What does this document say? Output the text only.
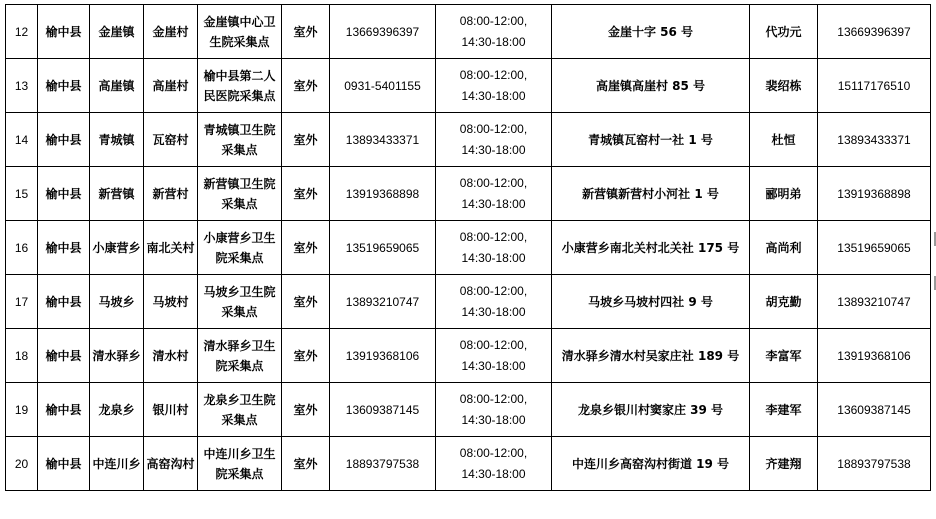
12	榆中县	金崖镇	金崖村	金崖镇中心卫生院采集点	室外	13669396397	08:00-12:00,
14:30-18:00	金崖十字 56 号	代功元	13669396397
13	榆中县	高崖镇	高崖村	榆中县第二人民医院采集点	室外	0931-5401155	08:00-12:00,
14:30-18:00	高崖镇高崖村 85 号	裴绍栋	15117176510
14	榆中县	青城镇	瓦窑村	青城镇卫生院采集点	室外	13893433371	08:00-12:00,
14:30-18:00	青城镇瓦窑村一社 1 号	杜恒	13893433371
15	榆中县	新营镇	新营村	新营镇卫生院采集点	室外	13919368898	08:00-12:00,
14:30-18:00	新营镇新营村小河社 1 号	郦明弟	13919368898
16	榆中县	小康营乡	南北关村	小康营乡卫生院采集点	室外	13519659065	08:00-12:00,
14:30-18:00	小康营乡南北关村北关社 175 号	高尚利	13519659065
17	榆中县	马坡乡	马坡村	马坡乡卫生院采集点	室外	13893210747	08:00-12:00,
14:30-18:00	马坡乡马坡村四社 9 号	胡克勤	13893210747
18	榆中县	清水驿乡	清水村	清水驿乡卫生院采集点	室外	13919368106	08:00-12:00,
14:30-18:00	清水驿乡清水村吴家庄社 189 号	李富军	13919368106
19	榆中县	龙泉乡	银川村	龙泉乡卫生院采集点	室外	13609387145	08:00-12:00,
14:30-18:00	龙泉乡银川村窦家庄 39 号	李建军	13609387145
20	榆中县	中连川乡	高窑沟村	中连川乡卫生院采集点	室外	18893797538	08:00-12:00,
14:30-18:00	中连川乡高窑沟村街道 19 号	齐建翔	18893797538
